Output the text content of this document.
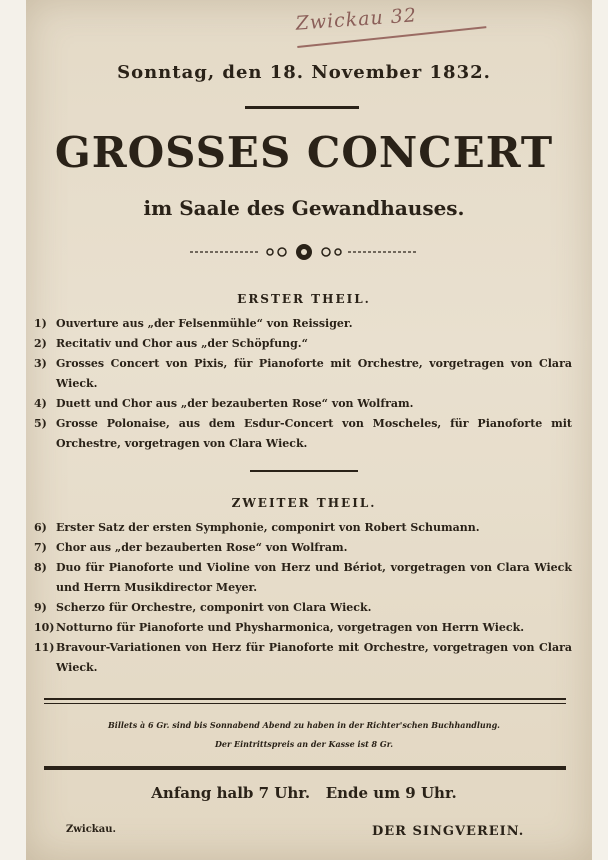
Zwickau 32
Sonntag, den 18. November 1832.
GROSSES CONCERT
im Saale des Gewandhauses.
ERSTER THEIL.
1) Ouverture aus „der Felsenmühle“ von Reissiger.
2) Recitativ und Chor aus „der Schöpfung.“
3) Grosses Concert von Pixis, für Pianoforte mit Orchestre, vorgetragen von Clara Wieck.
4) Duett und Chor aus „der bezauberten Rose“ von Wolfram.
5) Grosse Polonaise, aus dem Esdur-Concert von Moscheles, für Pianoforte mit Orchestre, vorgetragen von Clara Wieck.
ZWEITER THEIL.
6) Erster Satz der ersten Symphonie, componirt von Robert Schumann.
7) Chor aus „der bezauberten Rose“ von Wolfram.
8) Duo für Pianoforte und Violine von Herz und Bériot, vorgetragen von Clara Wieck und Herrn Musikdirector Meyer.
9) Scherzo für Orchestre, componirt von Clara Wieck.
10) Notturno für Pianoforte und Physharmonica, vorgetragen von Herrn Wieck.
11) Bravour-Variationen von Herz für Pianoforte mit Orchestre, vorgetragen von Clara Wieck.
Billets à 6 Gr. sind bis Sonnabend Abend zu haben in der Richter'schen Buchhandlung.
Der Eintrittspreis an der Kasse ist 8 Gr.
Anfang halb 7 Uhr.   Ende um 9 Uhr.
Zwickau.	DER SINGVEREIN.
